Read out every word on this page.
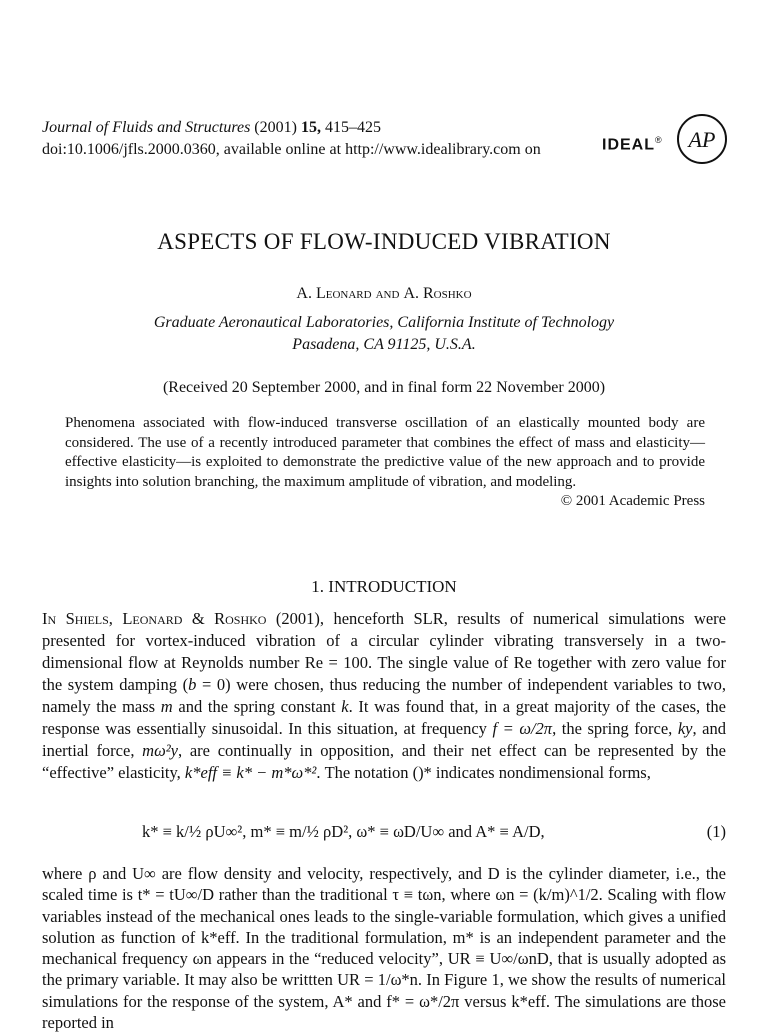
Journal of Fluids and Structures (2001) 15, 415–425
doi:10.1006/jfls.2000.0360, available online at http://www.idealibrary.com on	IDEAL® AP
ASPECTS OF FLOW-INDUCED VIBRATION
A. Leonard and A. Roshko
Graduate Aeronautical Laboratories, California Institute of Technology
Pasadena, CA 91125, U.S.A.
(Received 20 September 2000, and in final form 22 November 2000)
Phenomena associated with flow-induced transverse oscillation of an elastically mounted body are considered. The use of a recently introduced parameter that combines the effect of mass and elasticity—effective elasticity—is exploited to demonstrate the predictive value of the new approach and to provide insights into solution branching, the maximum amplitude of vibration, and modeling.
© 2001 Academic Press
1. INTRODUCTION
In Shiels, Leonard & Roshko (2001), henceforth SLR, results of numerical simulations were presented for vortex-induced vibration of a circular cylinder vibrating transversely in a two-dimensional flow at Reynolds number Re = 100. The single value of Re together with zero value for the system damping (b = 0) were chosen, thus reducing the number of independent variables to two, namely the mass m and the spring constant k. It was found that, in a great majority of the cases, the response was essentially sinusoidal. In this situation, at frequency f = ω/2π, the spring force, ky, and inertial force, mω²y, are continually in opposition, and their net effect can be represented by the “effective” elasticity, k*eff ≡ k* − m*ω*². The notation ()* indicates nondimensional forms,
k* ≡ k/½ ρU∞², m* ≡ m/½ ρD², ω* ≡ ωD/U∞ and A* ≡ A/D,	(1)
where ρ and U∞ are flow density and velocity, respectively, and D is the cylinder diameter, i.e., the scaled time is t* = tU∞/D rather than the traditional τ ≡ tωn, where ωn = (k/m)^1/2. Scaling with flow variables instead of the mechanical ones leads to the single-variable formulation, which gives a unified solution as function of k*eff. In the traditional formulation, m* is an independent parameter and the mechanical frequency ωn appears in the “reduced velocity”, UR ≡ U∞/ωnD, that is usually adopted as the primary variable. It may also be writtten UR = 1/ω*n. In Figure 1, we show the results of numerical simulations for the response of the system, A* and f* = ω*/2π versus k*eff. The simulations are those reported in
